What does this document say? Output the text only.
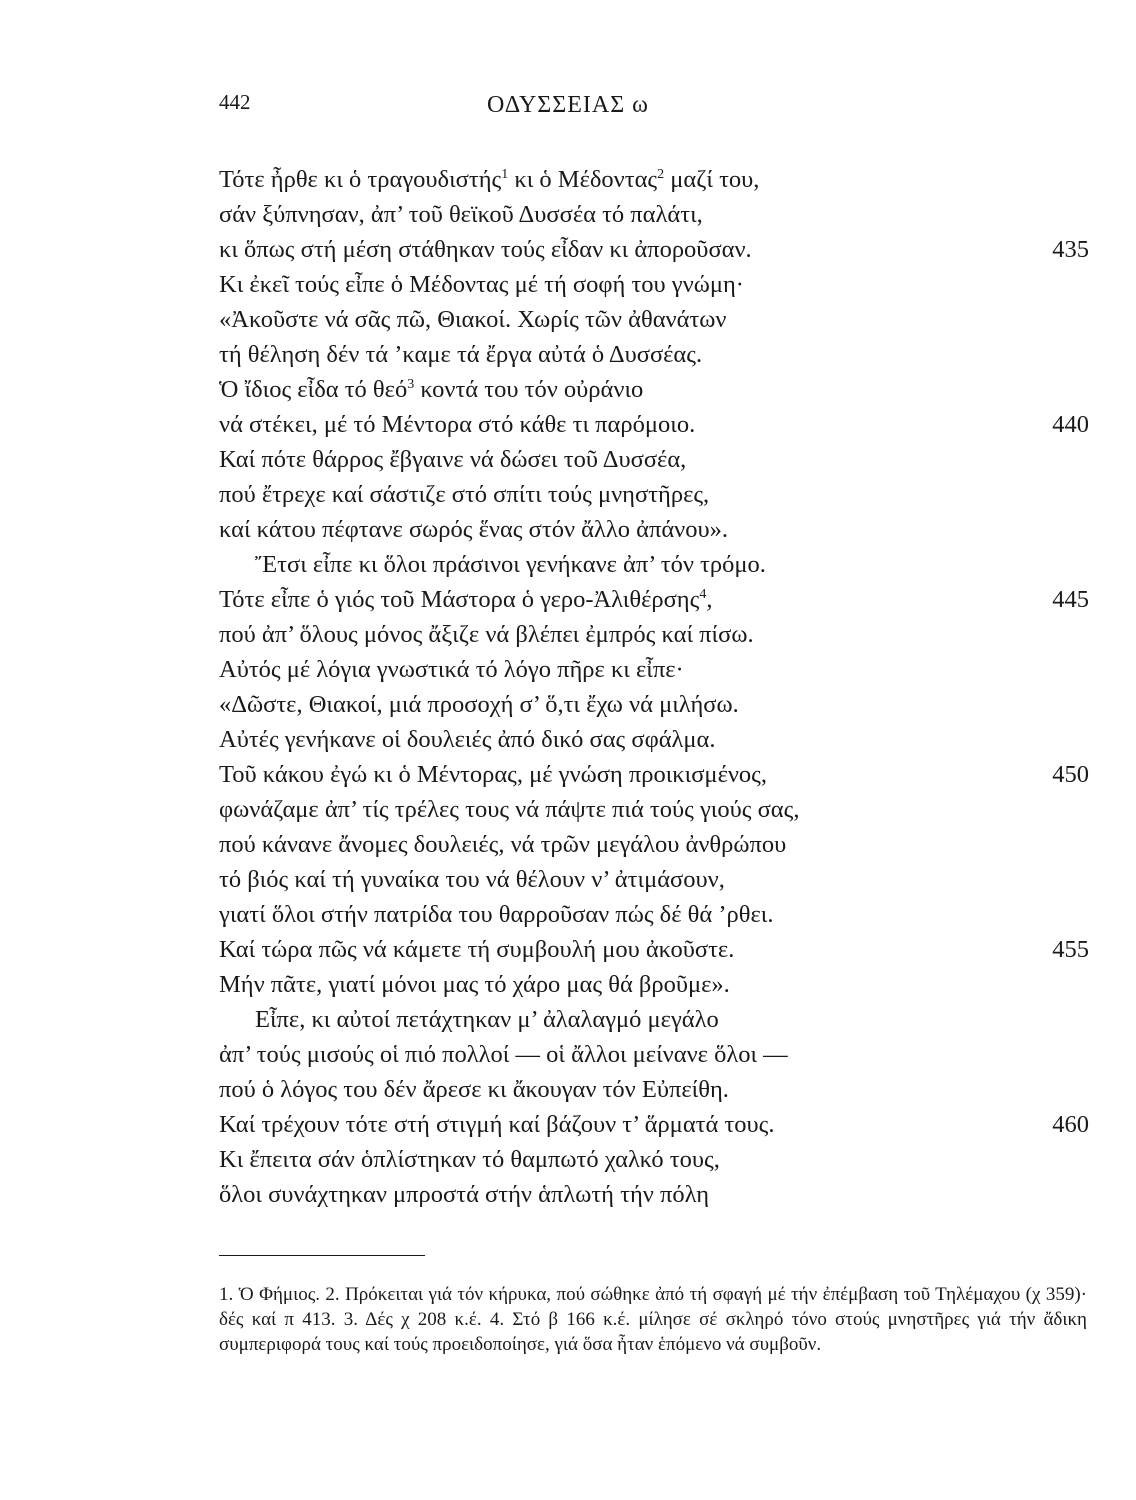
442	ΟΔΥΣΣΕΙΑΣ ω
Τότε ἦρθε κι ὁ τραγουδιστής$^1$ κι ὁ Μέδοντας$^2$ μαζί του,
σάν ξύπνησαν, ἀπ’ τοῦ θεϊκοῦ Δυσσέα τό παλάτι,
κι ὅπως στή μέση στάθηκαν τούς εἶδαν κι ἀποροῦσαν.	435
Κι ἐκεῖ τούς εἶπε ὁ Μέδοντας μέ τή σοφή του γνώμη·
«Ἀκοῦστε νά σᾶς πῶ, Θιακοί. Χωρίς τῶν ἀθανάτων
τή θέληση δέν τά ’καμε τά ἔργα αὐτά ὁ Δυσσέας.
Ὁ ἴδιος εἶδα τό θεό$^3$ κοντά του τόν οὐράνιο
νά στέκει, μέ τό Μέντορα στό κάθε τι παρόμοιο.	440
Καί πότε θάρρος ἔβγαινε νά δώσει τοῦ Δυσσέα,
πού ἔτρεχε καί σάστιζε στό σπίτι τούς μνηστῆρες,
καί κάτου πέφτανε σωρός ἕνας στόν ἄλλο ἀπάνου».
Ἔτσι εἶπε κι ὅλοι πράσινοι γενήκανε ἀπ’ τόν τρόμο.
Τότε εἶπε ὁ γιός τοῦ Μάστορα ὁ γερο-Ἀλιθέρσης$^4$,	445
πού ἀπ’ ὅλους μόνος ἄξιζε νά βλέπει ἐμπρός καί πίσω.
Αὐτός μέ λόγια γνωστικά τό λόγο πῆρε κι εἶπε·
«Δῶστε, Θιακοί, μιά προσοχή σ’ ὅ,τι ἔχω νά μιλήσω.
Αὐτές γενήκανε οἱ δουλειές ἀπό δικό σας σφάλμα.
Τοῦ κάκου ἐγώ κι ὁ Μέντορας, μέ γνώση προικισμένος,	450
φωνάζαμε ἀπ’ τίς τρέλες τους νά πάψτε πιά τούς γιούς σας,
πού κάνανε ἄνομες δουλειές, νά τρῶν μεγάλου ἀνθρώπου
τό βιός καί τή γυναίκα του νά θέλουν ν’ ἀτιμάσουν,
γιατί ὅλοι στήν πατρίδα του θαρροῦσαν πώς δέ θά ’ρθει.
Καί τώρα πῶς νά κάμετε τή συμβουλή μου ἀκοῦστε.	455
Μήν πᾶτε, γιατί μόνοι μας τό χάρο μας θά βροῦμε».
Εἶπε, κι αὐτοί πετάχτηκαν μ’ ἀλαλαγμό μεγάλο
ἀπ’ τούς μισούς οἱ πιό πολλοί — οἱ ἄλλοι μείνανε ὅλοι —
πού ὁ λόγος του δέν ἄρεσε κι ἄκουγαν τόν Εὐπείθη.
Καί τρέχουν τότε στή στιγμή καί βάζουν τ’ ἅρματά τους.	460
Κι ἔπειτα σάν ὁπλίστηκαν τό θαμπωτό χαλκό τους,
ὅλοι συνάχτηκαν μπροστά στήν ἁπλωτή τήν πόλη

1. Ὁ Φήμιος. 2. Πρόκειται γιά τόν κήρυκα, πού σώθηκε ἀπό τή σφαγή μέ τήν ἐπέμβαση τοῦ Τηλέμαχου (χ 359)· δές καί π 413. 3. Δές χ 208 κ.έ. 4. Στό β 166 κ.έ. μίλησε σέ σκληρό τόνο στούς μνηστῆρες γιά τήν ἄδικη συμπεριφορά τους καί τούς προειδοποίησε, γιά ὅσα ἦταν ἑπόμενο νά συμβοῦν.
